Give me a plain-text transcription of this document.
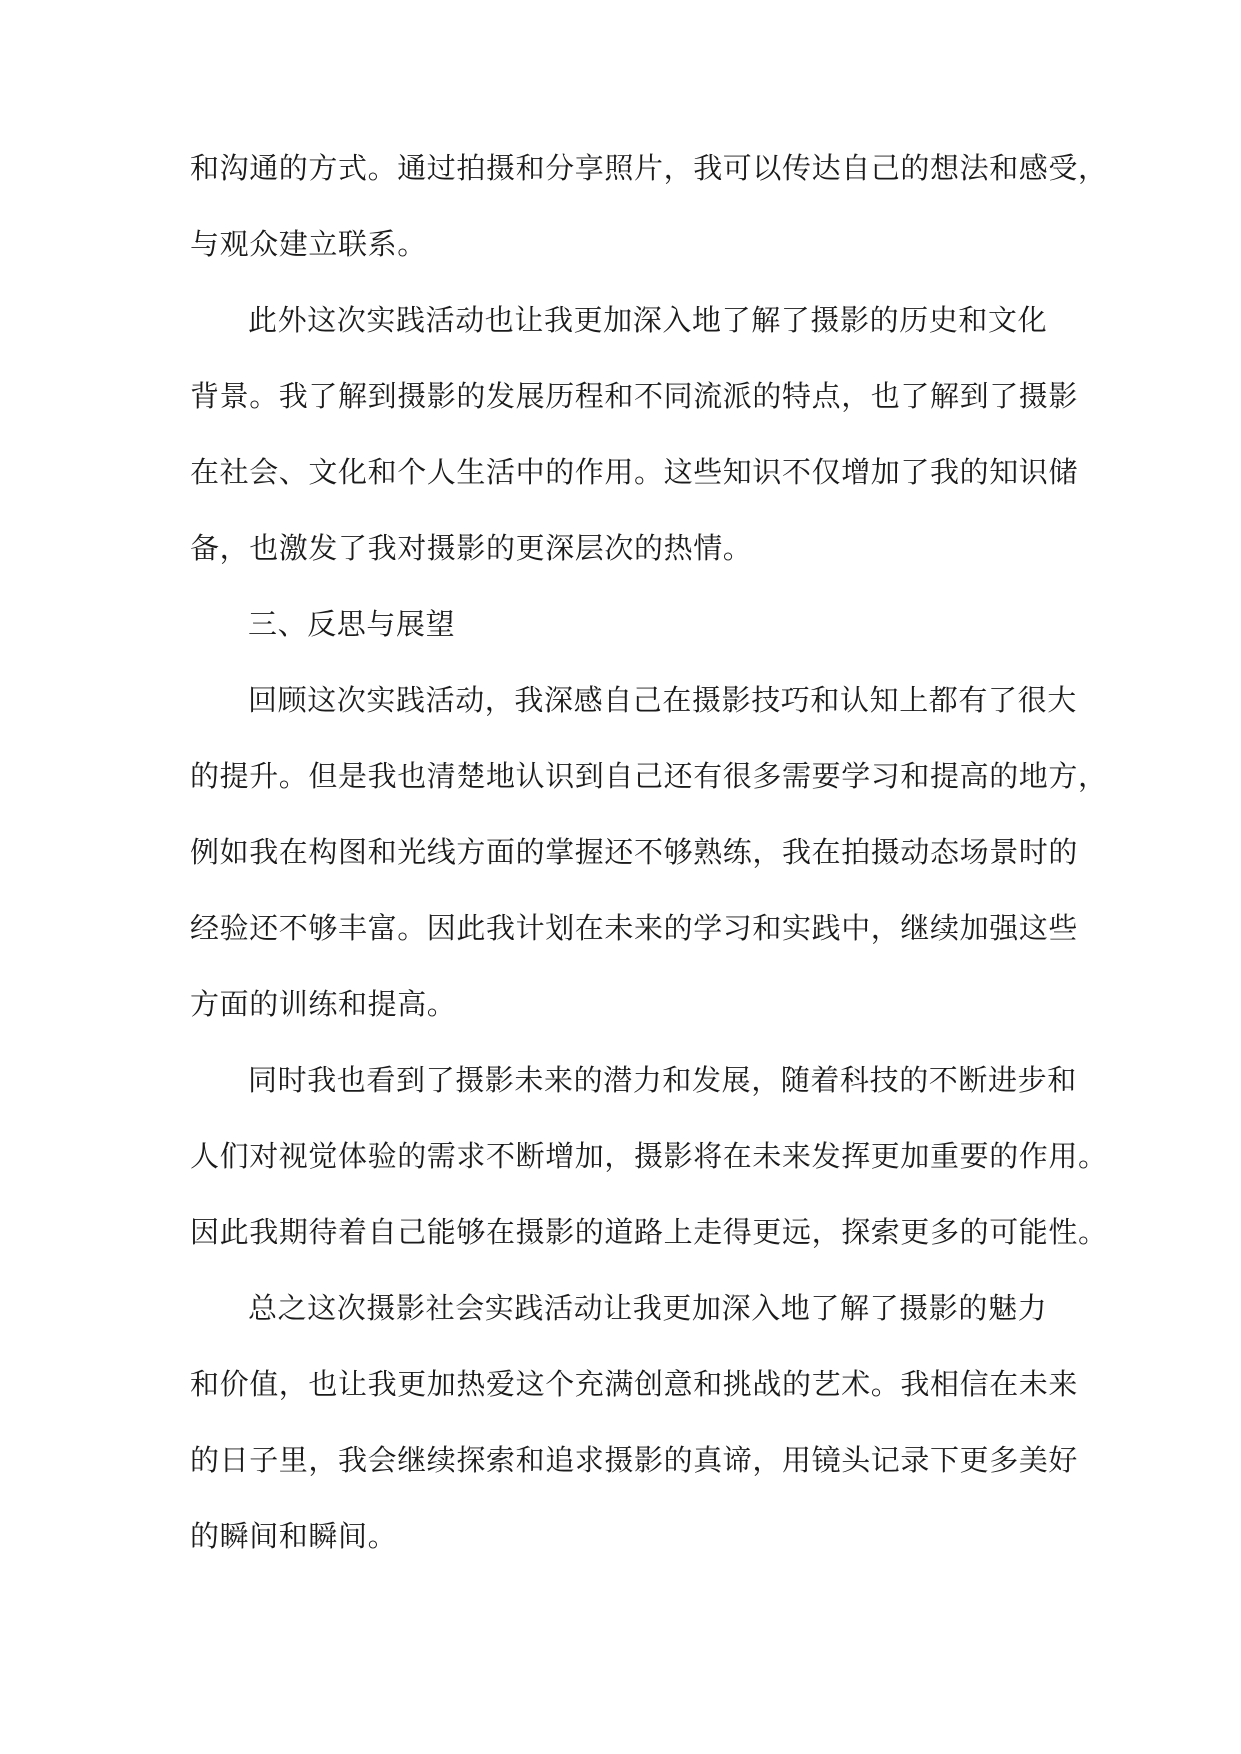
和沟通的方式。通过拍摄和分享照片，我可以传达自己的想法和感受，
与观众建立联系。
此外这次实践活动也让我更加深入地了解了摄影的历史和文化
背景。我了解到摄影的发展历程和不同流派的特点，也了解到了摄影
在社会、文化和个人生活中的作用。这些知识不仅增加了我的知识储
备，也激发了我对摄影的更深层次的热情。
三、反思与展望
回顾这次实践活动，我深感自己在摄影技巧和认知上都有了很大
的提升。但是我也清楚地认识到自己还有很多需要学习和提高的地方，
例如我在构图和光线方面的掌握还不够熟练，我在拍摄动态场景时的
经验还不够丰富。因此我计划在未来的学习和实践中，继续加强这些
方面的训练和提高。
同时我也看到了摄影未来的潜力和发展，随着科技的不断进步和
人们对视觉体验的需求不断增加，摄影将在未来发挥更加重要的作用。
因此我期待着自己能够在摄影的道路上走得更远，探索更多的可能性。
总之这次摄影社会实践活动让我更加深入地了解了摄影的魅力
和价值，也让我更加热爱这个充满创意和挑战的艺术。我相信在未来
的日子里，我会继续探索和追求摄影的真谛，用镜头记录下更多美好
的瞬间和瞬间。
